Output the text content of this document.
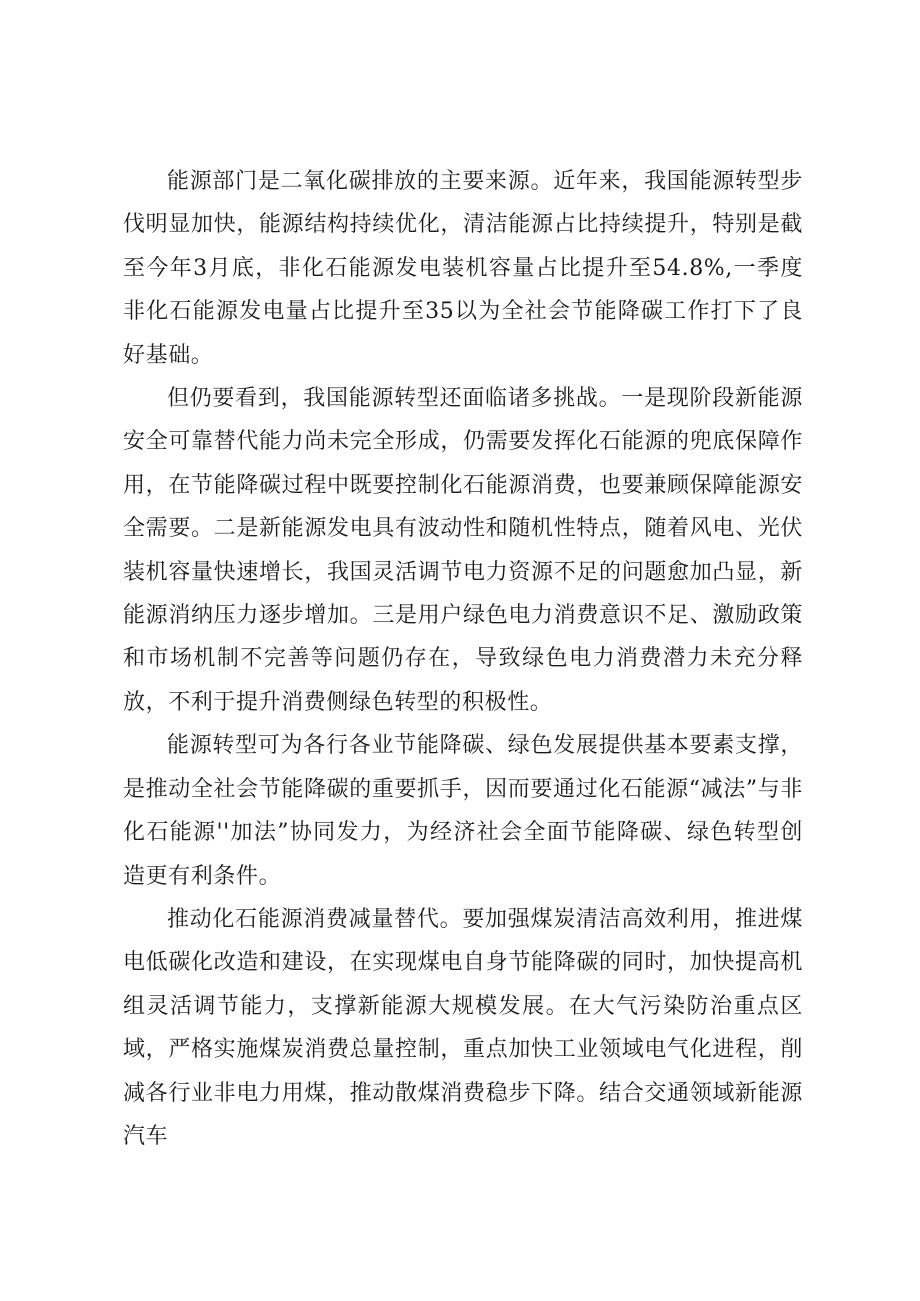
能源部门是二氧化碳排放的主要来源。近年来，我国能源转型步伐明显加快，能源结构持续优化，清洁能源占比持续提升，特别是截至今年3月底，非化石能源发电装机容量占比提升至54.8%,一季度非化石能源发电量占比提升至35以为全社会节能降碳工作打下了良好基础。

但仍要看到，我国能源转型还面临诸多挑战。一是现阶段新能源安全可靠替代能力尚未完全形成，仍需要发挥化石能源的兜底保障作用，在节能降碳过程中既要控制化石能源消费，也要兼顾保障能源安全需要。二是新能源发电具有波动性和随机性特点，随着风电、光伏装机容量快速增长，我国灵活调节电力资源不足的问题愈加凸显，新能源消纳压力逐步增加。三是用户绿色电力消费意识不足、激励政策和市场机制不完善等问题仍存在，导致绿色电力消费潜力未充分释放，不利于提升消费侧绿色转型的积极性。

能源转型可为各行各业节能降碳、绿色发展提供基本要素支撑，是推动全社会节能降碳的重要抓手，因而要通过化石能源“减法”与非化石能源''加法”协同发力，为经济社会全面节能降碳、绿色转型创造更有利条件。

推动化石能源消费减量替代。要加强煤炭清洁高效利用，推进煤电低碳化改造和建设，在实现煤电自身节能降碳的同时，加快提高机组灵活调节能力，支撑新能源大规模发展。在大气污染防治重点区域，严格实施煤炭消费总量控制，重点加快工业领域电气化进程，削减各行业非电力用煤，推动散煤消费稳步下降。结合交通领域新能源汽车
